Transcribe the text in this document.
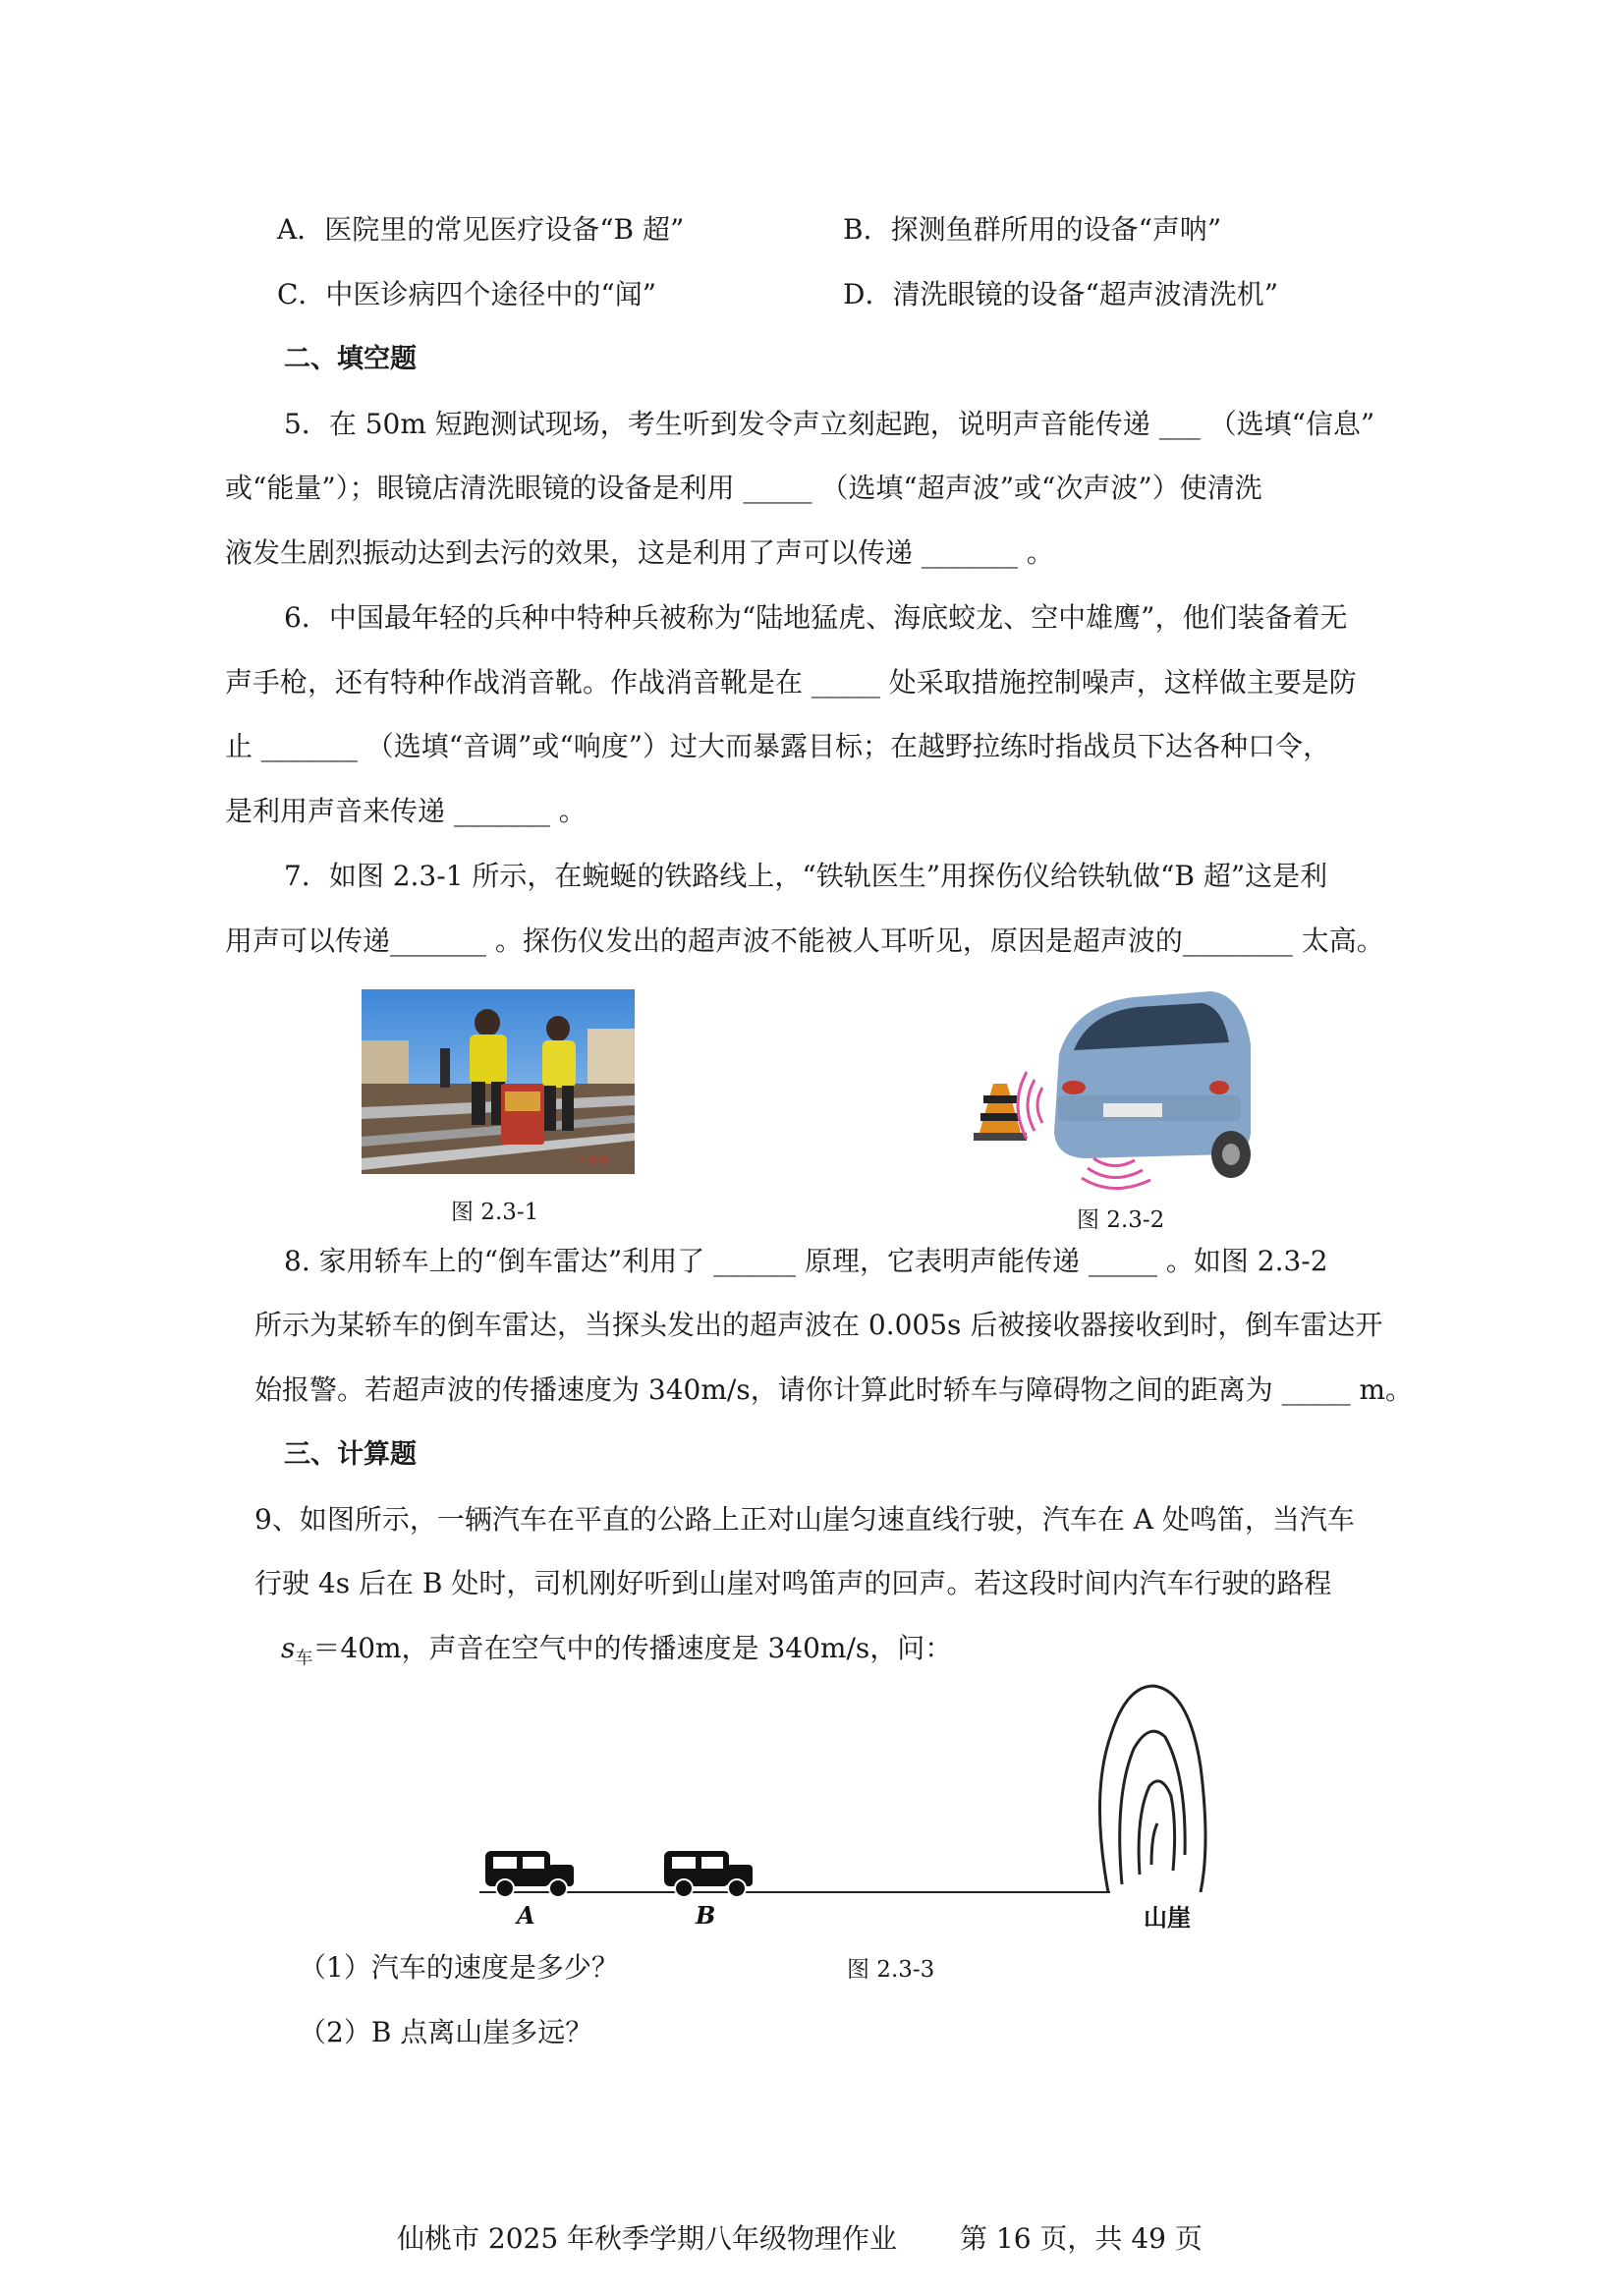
A．医院里的常见医疗设备“B 超”	B．探测鱼群所用的设备“声呐”
C．中医诊病四个途径中的“闻”	D．清洗眼镜的设备“超声波清洗机”
二、填空题
5．在 50m 短跑测试现场，考生听到发令声立刻起跑，说明声音能传递 ___ （选填“信息”
或“能量”）；眼镜店清洗眼镜的设备是利用 _____ （选填“超声波”或“次声波”）使清洗
液发生剧烈振动达到去污的效果，这是利用了声可以传递 _______ 。
6．中国最年轻的兵种中特种兵被称为“陆地猛虎、海底蛟龙、空中雄鹰”，他们装备着无
声手枪，还有特种作战消音靴。作战消音靴是在 _____ 处采取措施控制噪声，这样做主要是防
止 _______ （选填“音调”或“响度”）过大而暴露目标；在越野拉练时指战员下达各种口令，
是利用声音来传递 _______ 。
7．如图 2.3-1 所示，在蜿蜒的铁路线上，“铁轨医生”用探伤仪给铁轨做“B 超”这是利
用声可以传递_______ 。探伤仪发出的超声波不能被人耳听见，原因是超声波的________ 太高。
中国网
图 2.3-1	图 2.3-2
8. 家用轿车上的“倒车雷达”利用了 ______ 原理，它表明声能传递 _____ 。如图 2.3-2
所示为某轿车的倒车雷达，当探头发出的超声波在 0.005s 后被接收器接收到时，倒车雷达开
始报警。若超声波的传播速度为 340m/s，请你计算此时轿车与障碍物之间的距离为 _____ m。
三、计算题
9、如图所示，一辆汽车在平直的公路上正对山崖匀速直线行驶，汽车在 A 处鸣笛，当汽车
行驶 4s 后在 B 处时，司机刚好听到山崖对鸣笛声的回声。若这段时间内汽车行驶的路程
$s_车=40m$，声音在空气中的传播速度是 340m/s，问：
A	B	山崖
（1）汽车的速度是多少？	图 2.3-3
（2）B 点离山崖多远？
仙桃市 2025 年秋季学期八年级物理作业 第 16 页，共 49 页
